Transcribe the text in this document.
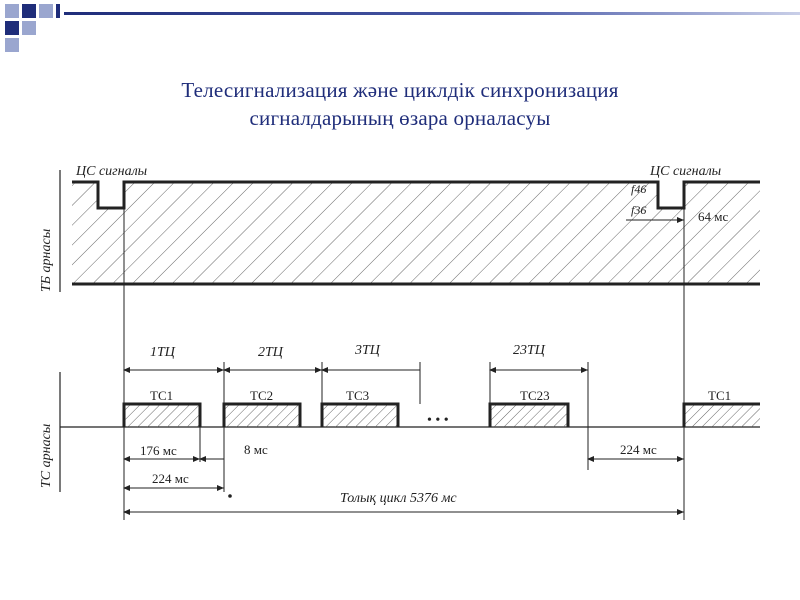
Телесигнализация және циклдік синхронизация
сигналдарының өзара орналасуы
ТБ арнасы
ЦС сигналы	ЦС сигналы
f46
f36	64 мс
ТС арнасы
1ТЦ	2ТЦ	3ТЦ	23ТЦ
ТС1	ТС2	ТС3
• • •
ТС23	ТС1
176 мс	8 мс
224 мс
224 мс
Толық цикл 5376 мс
